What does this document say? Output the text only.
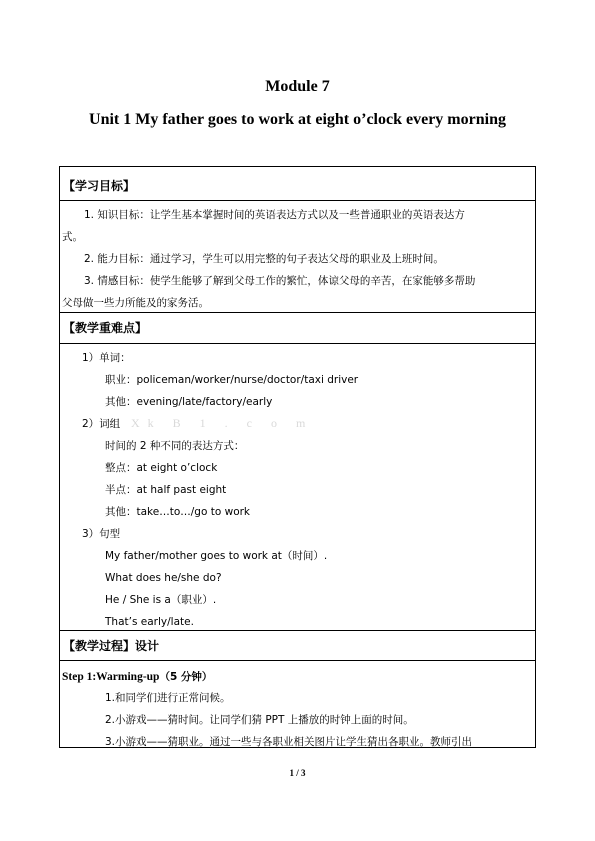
Module 7
Unit 1 My father goes to work at eight o’clock every morning
【学习目标】
1. 知识目标：让学生基本掌握时间的英语表达方式以及一些普通职业的英语表达方
式。
2. 能力目标：通过学习，学生可以用完整的句子表达父母的职业及上班时间。
3. 情感目标：使学生能够了解到父母工作的繁忙，体谅父母的辛苦，在家能够多帮助
父母做一些力所能及的家务活。
【教学重难点】
1）单词：
职业：policeman/worker/nurse/doctor/taxi driver
其他：evening/late/factory/early
2）词组
时间的 2 种不同的表达方式：
整点：at eight o’clock
半点：at half past eight
其他：take…to…/go to work
3）句型
My father/mother goes to work at（时间）.
What does he/she do?
He / She is a（职业）.
That’s early/late.
【教学过程】设计
Step 1:Warming-up（5 分钟）
1.和同学们进行正常问候。
2.小游戏——猜时间。让同学们猜 PPT 上播放的时钟上面的时间。
3.小游戏——猜职业。通过一些与各职业相关图片让学生猜出各职业。教师引出
Xk B 1 . c o m
1 / 3
